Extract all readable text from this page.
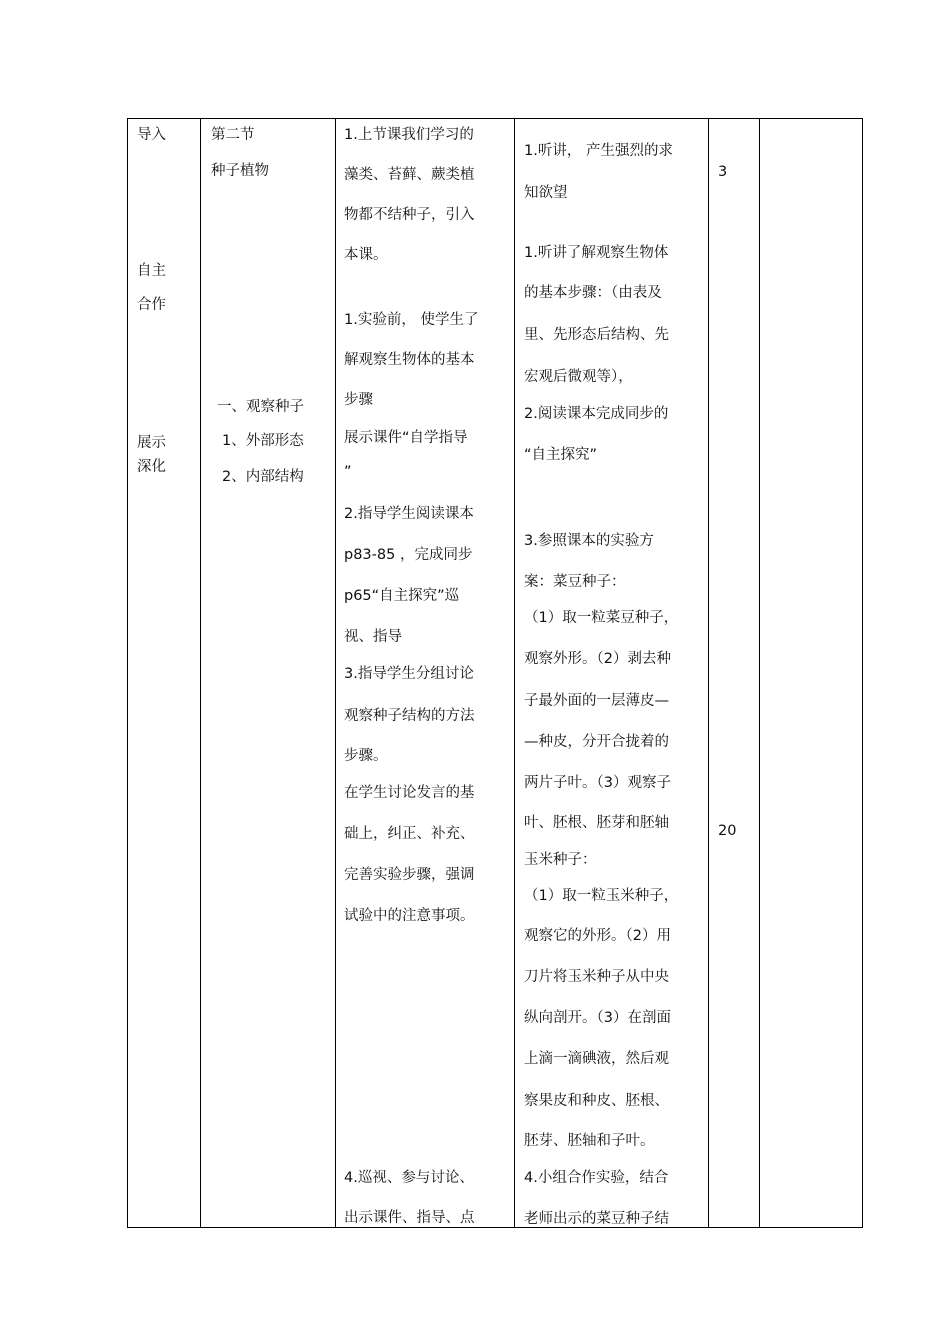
导入
自主
合作
展示
深化
第二节
种子植物
一、观察种子
1、外部形态
2、内部结构
1.上节课我们学习的
藻类、苔藓、蕨类植
物都不结种子，引入
本课。
1.实验前， 使学生了
解观察生物体的基本
步骤
展示课件“自学指导
”
2.指导学生阅读课本
p83-85 ，完成同步
p65“自主探究”巡
视、指导
3.指导学生分组讨论
观察种子结构的方法
步骤。
在学生讨论发言的基
础上，纠正、补充、
完善实验步骤，强调
试验中的注意事项。
4.巡视、参与讨论、
出示课件、指导、点
1.听讲， 产生强烈的求
知欲望
1.听讲了解观察生物体
的基本步骤：（由表及
里、先形态后结构、先
宏观后微观等），
2.阅读课本完成同步的
“自主探究”
3.参照课本的实验方
案：菜豆种子：
（1）取一粒菜豆种子，
观察外形。（2）剥去种
子最外面的一层薄皮—
—种皮，分开合拢着的
两片子叶。（3）观察子
叶、胚根、胚芽和胚轴
玉米种子：
（1）取一粒玉米种子，
观察它的外形。（2）用
刀片将玉米种子从中央
纵向剖开。（3）在剖面
上滴一滴碘液，然后观
察果皮和种皮、胚根、
胚芽、胚轴和子叶。
4.小组合作实验，结合
老师出示的菜豆种子结
3
20
